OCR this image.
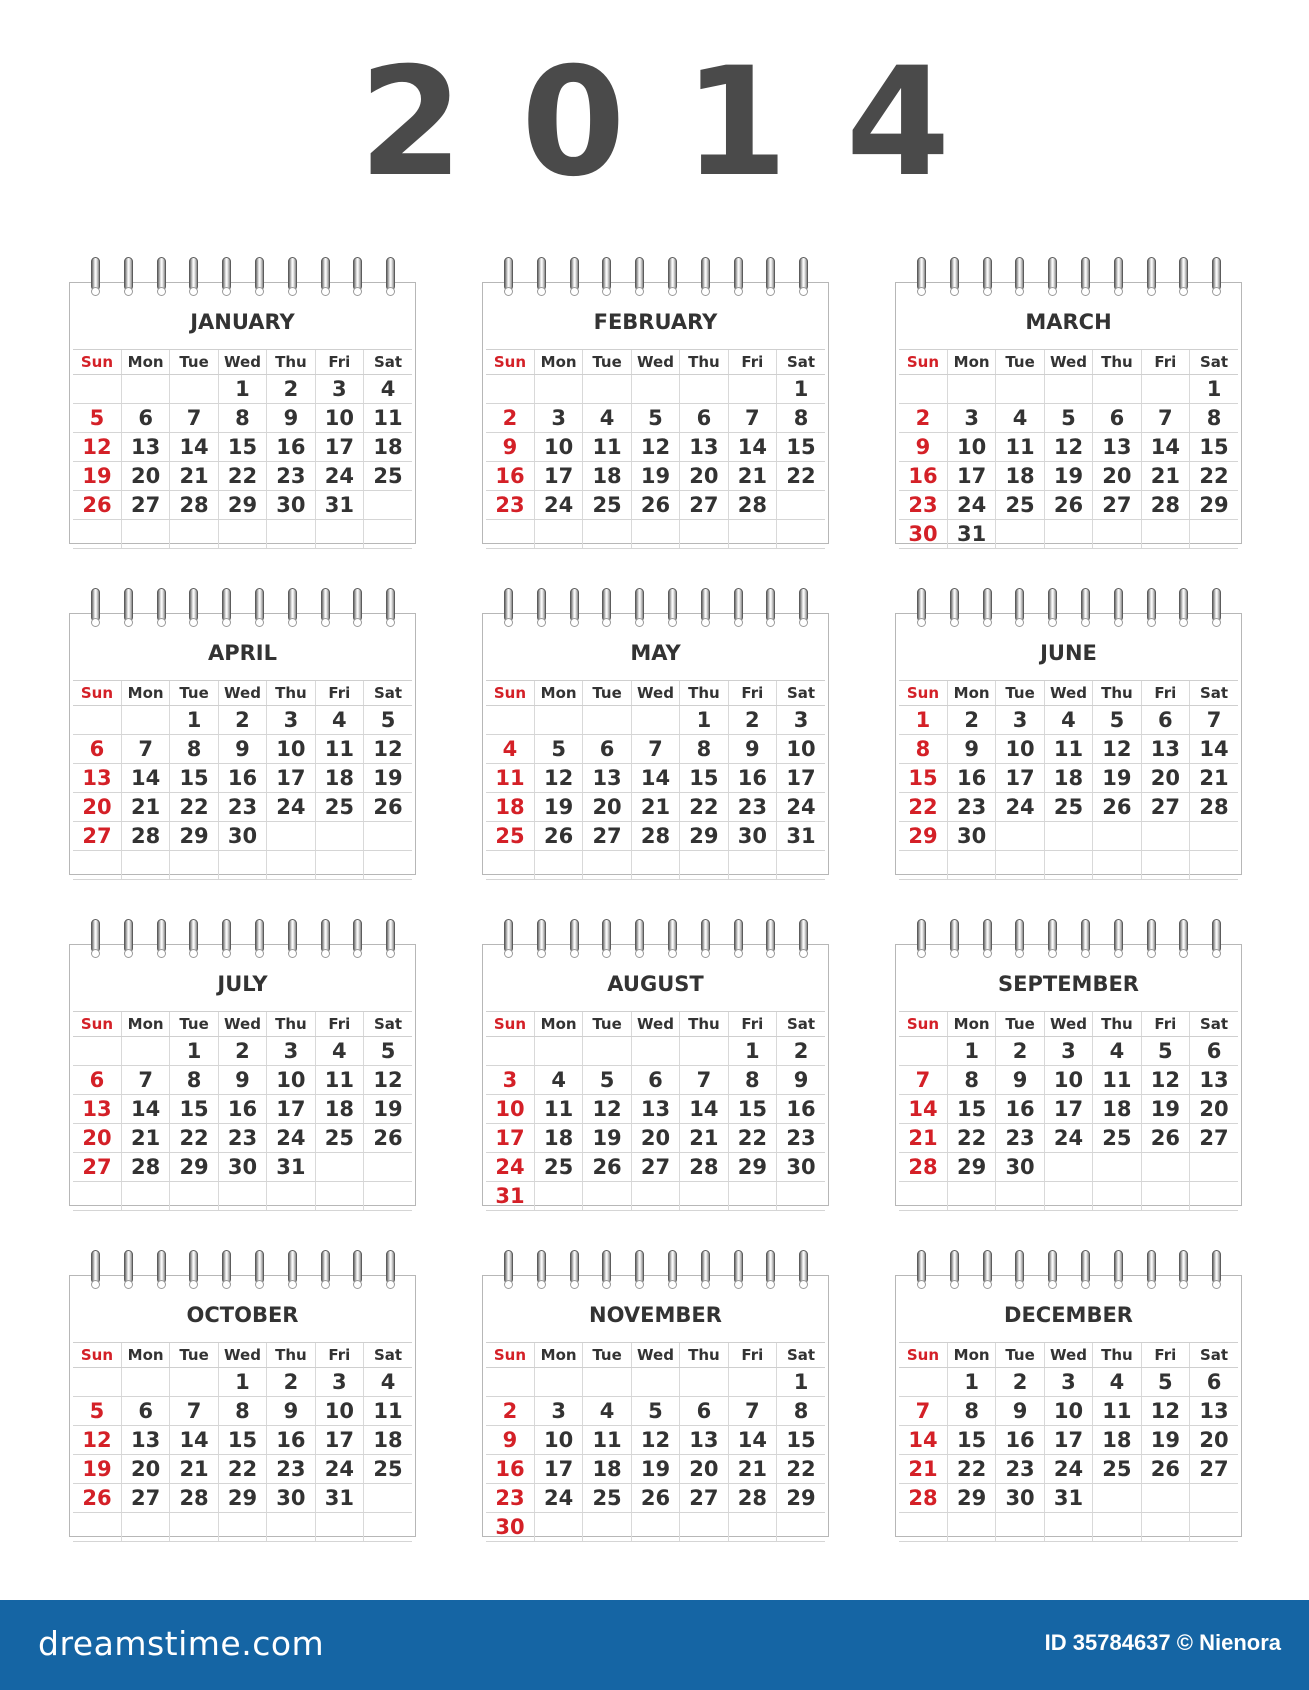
2014
JANUARY
Sun	Mon	Tue	Wed	Thu	Fri	Sat
			1	2	3	4
5	6	7	8	9	10	11
12	13	14	15	16	17	18
19	20	21	22	23	24	25
26	27	28	29	30	31	

FEBRUARY
Sun	Mon	Tue	Wed	Thu	Fri	Sat
						1
2	3	4	5	6	7	8
9	10	11	12	13	14	15
16	17	18	19	20	21	22
23	24	25	26	27	28	

MARCH
Sun	Mon	Tue	Wed	Thu	Fri	Sat
						1
2	3	4	5	6	7	8
9	10	11	12	13	14	15
16	17	18	19	20	21	22
23	24	25	26	27	28	29
30	31					
APRIL
Sun	Mon	Tue	Wed	Thu	Fri	Sat
		1	2	3	4	5
6	7	8	9	10	11	12
13	14	15	16	17	18	19
20	21	22	23	24	25	26
27	28	29	30			

MAY
Sun	Mon	Tue	Wed	Thu	Fri	Sat
				1	2	3
4	5	6	7	8	9	10
11	12	13	14	15	16	17
18	19	20	21	22	23	24
25	26	27	28	29	30	31

JUNE
Sun	Mon	Tue	Wed	Thu	Fri	Sat
1	2	3	4	5	6	7
8	9	10	11	12	13	14
15	16	17	18	19	20	21
22	23	24	25	26	27	28
29	30					

JULY
Sun	Mon	Tue	Wed	Thu	Fri	Sat
		1	2	3	4	5
6	7	8	9	10	11	12
13	14	15	16	17	18	19
20	21	22	23	24	25	26
27	28	29	30	31		

AUGUST
Sun	Mon	Tue	Wed	Thu	Fri	Sat
					1	2
3	4	5	6	7	8	9
10	11	12	13	14	15	16
17	18	19	20	21	22	23
24	25	26	27	28	29	30
31						
SEPTEMBER
Sun	Mon	Tue	Wed	Thu	Fri	Sat
	1	2	3	4	5	6
7	8	9	10	11	12	13
14	15	16	17	18	19	20
21	22	23	24	25	26	27
28	29	30				

OCTOBER
Sun	Mon	Tue	Wed	Thu	Fri	Sat
			1	2	3	4
5	6	7	8	9	10	11
12	13	14	15	16	17	18
19	20	21	22	23	24	25
26	27	28	29	30	31	

NOVEMBER
Sun	Mon	Tue	Wed	Thu	Fri	Sat
						1
2	3	4	5	6	7	8
9	10	11	12	13	14	15
16	17	18	19	20	21	22
23	24	25	26	27	28	29
30						
DECEMBER
Sun	Mon	Tue	Wed	Thu	Fri	Sat
	1	2	3	4	5	6
7	8	9	10	11	12	13
14	15	16	17	18	19	20
21	22	23	24	25	26	27
28	29	30	31			

dreamstime.com	ID 35784637 © Nienora
